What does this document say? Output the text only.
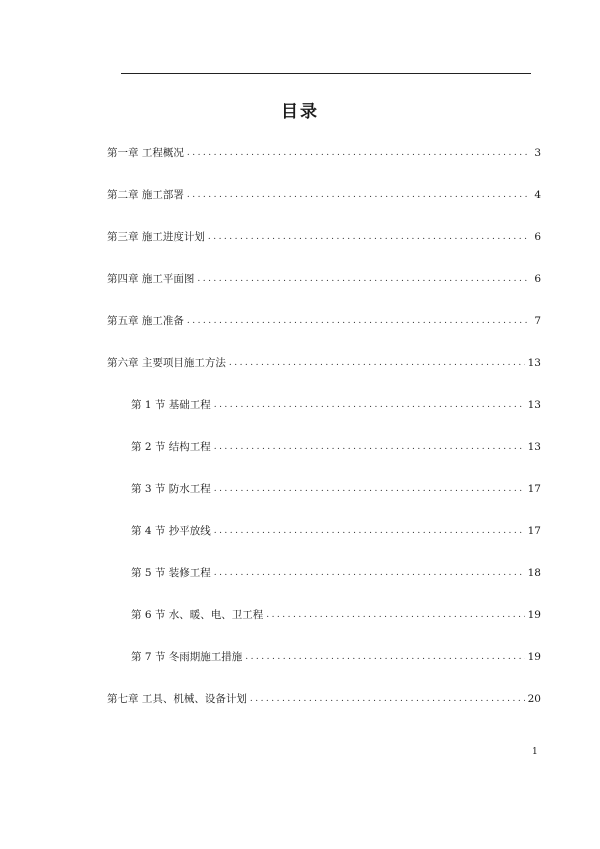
目录
第一章 工程概况 .....	3
第二章 施工部署 .....	4
第三章 施工进度计划 .....	6
第四章 施工平面图 .....	6
第五章 施工准备 .....	7
第六章 主要项目施工方法 .....	13
第 1 节 基础工程 .....	13
第 2 节 结构工程 .....	13
第 3 节 防水工程 .....	17
第 4 节 抄平放线 .....	17
第 5 节 装修工程 .....	18
第 6 节 水、暖、电、卫工程 .....	19
第 7 节 冬雨期施工措施 .....	19
第七章 工具、机械、设备计划 .....	20
1
